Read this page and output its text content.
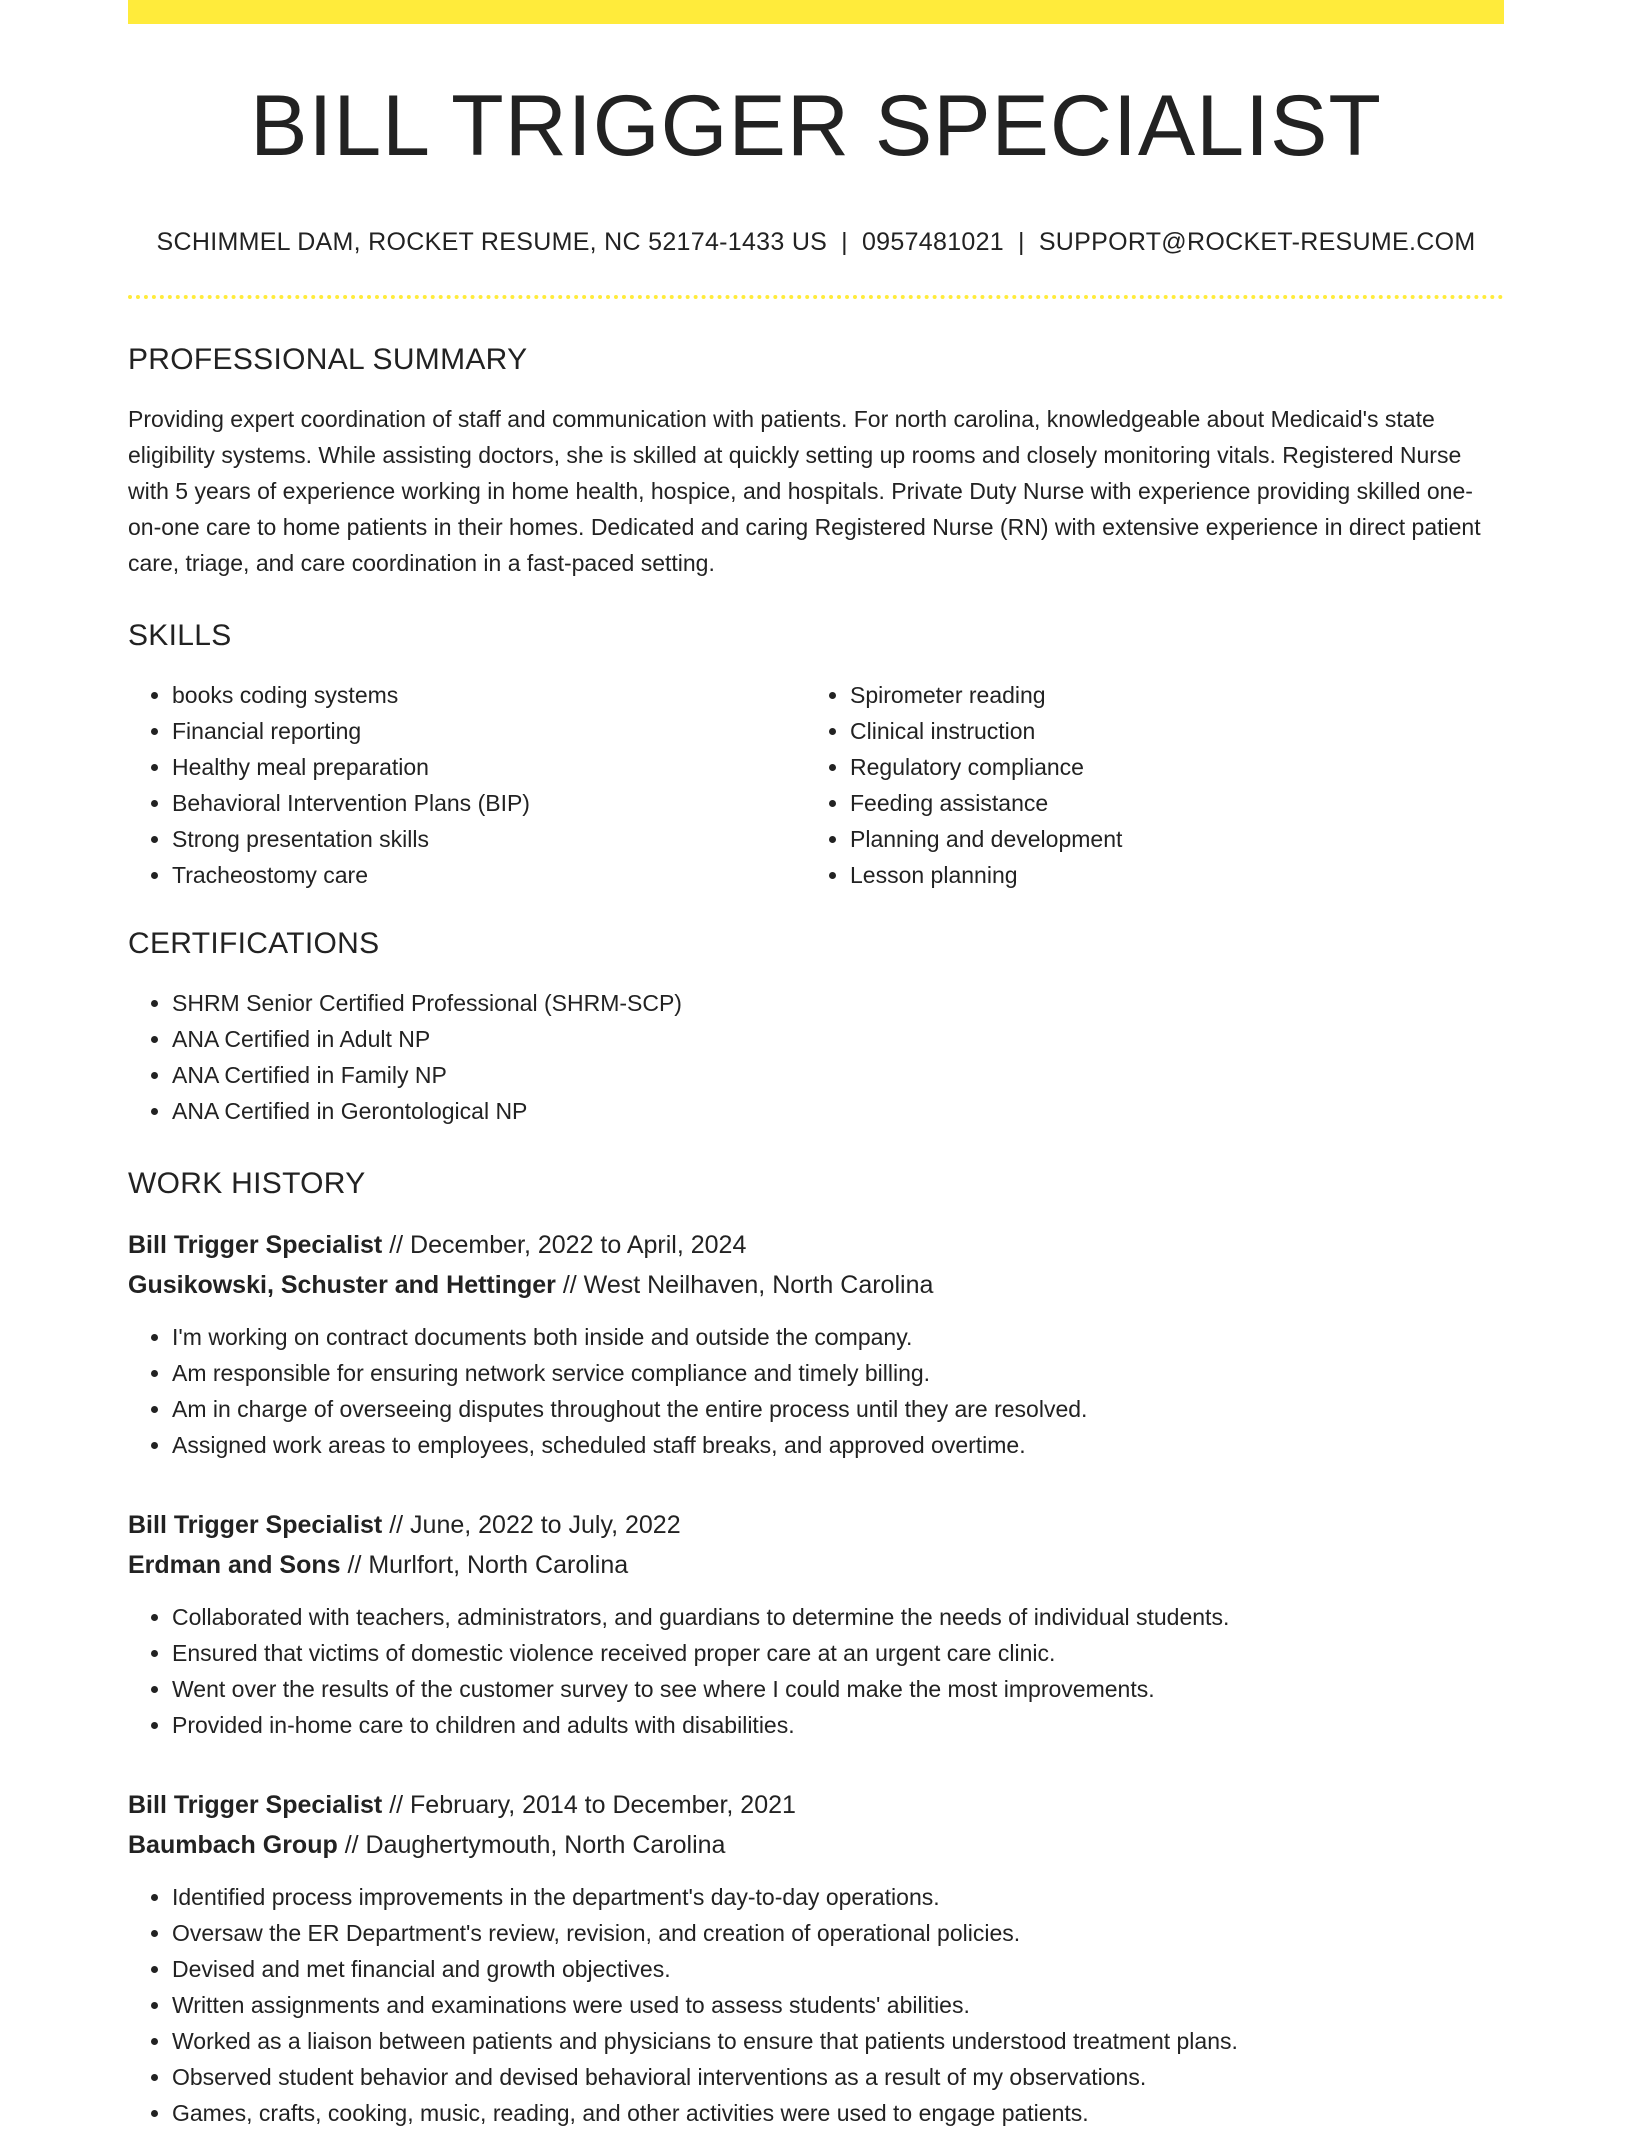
BILL TRIGGER SPECIALIST
SCHIMMEL DAM, ROCKET RESUME, NC 52174-1433 US | 0957481021 | SUPPORT@ROCKET-RESUME.COM
PROFESSIONAL SUMMARY

Providing expert coordination of staff and communication with patients. For north carolina, knowledgeable about Medicaid's state eligibility systems. While assisting doctors, she is skilled at quickly setting up rooms and closely monitoring vitals. Registered Nurse with 5 years of experience working in home health, hospice, and hospitals. Private Duty Nurse with experience providing skilled one-on-one care to home patients in their homes. Dedicated and caring Registered Nurse (RN) with extensive experience in direct patient care, triage, and care coordination in a fast-paced setting.

SKILLS
• books coding systems
• Financial reporting
• Healthy meal preparation
• Behavioral Intervention Plans (BIP)
• Strong presentation skills
• Tracheostomy care
• Spirometer reading
• Clinical instruction
• Regulatory compliance
• Feeding assistance
• Planning and development
• Lesson planning
CERTIFICATIONS
• SHRM Senior Certified Professional (SHRM-SCP)
• ANA Certified in Adult NP
• ANA Certified in Family NP
• ANA Certified in Gerontological NP
WORK HISTORY
Bill Trigger Specialist // December, 2022 to April, 2024
Gusikowski, Schuster and Hettinger // West Neilhaven, North Carolina
• I'm working on contract documents both inside and outside the company.
• Am responsible for ensuring network service compliance and timely billing.
• Am in charge of overseeing disputes throughout the entire process until they are resolved.
• Assigned work areas to employees, scheduled staff breaks, and approved overtime.
Bill Trigger Specialist // June, 2022 to July, 2022
Erdman and Sons // Murlfort, North Carolina
• Collaborated with teachers, administrators, and guardians to determine the needs of individual students.
• Ensured that victims of domestic violence received proper care at an urgent care clinic.
• Went over the results of the customer survey to see where I could make the most improvements.
• Provided in-home care to children and adults with disabilities.
Bill Trigger Specialist // February, 2014 to December, 2021
Baumbach Group // Daughertymouth, North Carolina
• Identified process improvements in the department's day-to-day operations.
• Oversaw the ER Department's review, revision, and creation of operational policies.
• Devised and met financial and growth objectives.
• Written assignments and examinations were used to assess students' abilities.
• Worked as a liaison between patients and physicians to ensure that patients understood treatment plans.
• Observed student behavior and devised behavioral interventions as a result of my observations.
• Games, crafts, cooking, music, reading, and other activities were used to engage patients.
